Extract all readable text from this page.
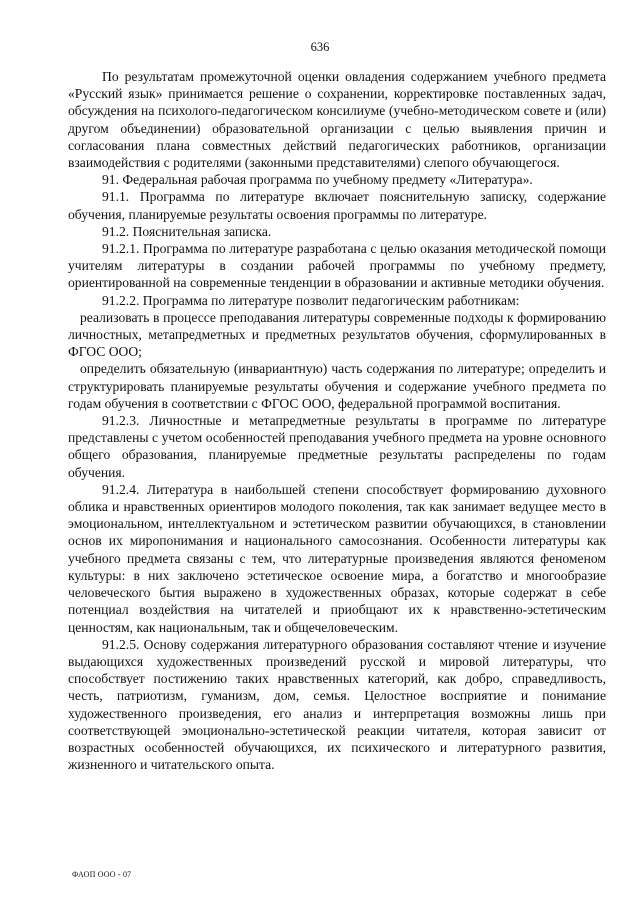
636

По результатам промежуточной оценки овладения содержанием учебного предмета «Русский язык» принимается решение о сохранении, корректировке поставленных задач, обсуждения на психолого-педагогическом консилиуме (учебно-методическом совете и (или) другом объединении) образовательной организации с целью выявления причин и согласования плана совместных действий педагогических работников, организации взаимодействия с родителями (законными представителями) слепого обучающегося.

91. Федеральная рабочая программа по учебному предмету «Литература».

91.1. Программа по литературе включает пояснительную записку, содержание обучения, планируемые результаты освоения программы по литературе.

91.2. Пояснительная записка.

91.2.1. Программа по литературе разработана с целью оказания методической помощи учителям литературы в создании рабочей программы по учебному предмету, ориентированной на современные тенденции в образовании и активные методики обучения.

91.2.2. Программа по литературе позволит педагогическим работникам:

реализовать в процессе преподавания литературы современные подходы к формированию личностных, метапредметных и предметных результатов обучения, сформулированных в ФГОС ООО;

определить обязательную (инвариантную) часть содержания по литературе; определить и структурировать планируемые результаты обучения и содержание учебного предмета по годам обучения в соответствии с ФГОС ООО, федеральной программой воспитания.

91.2.3. Личностные и метапредметные результаты в программе по литературе представлены с учетом особенностей преподавания учебного предмета на уровне основного общего образования, планируемые предметные результаты распределены по годам обучения.

91.2.4. Литература в наибольшей степени способствует формированию духовного облика и нравственных ориентиров молодого поколения, так как занимает ведущее место в эмоциональном, интеллектуальном и эстетическом развитии обучающихся, в становлении основ их миропонимания и национального самосознания. Особенности литературы как учебного предмета связаны с тем, что литературные произведения являются феноменом культуры: в них заключено эстетическое освоение мира, а богатство и многообразие человеческого бытия выражено в художественных образах, которые содержат в себе потенциал воздействия на читателей и приобщают их к нравственно-эстетическим ценностям, как национальным, так и общечеловеческим.

91.2.5. Основу содержания литературного образования составляют чтение и изучение выдающихся художественных произведений русской и мировой литературы, что способствует постижению таких нравственных категорий, как добро, справедливость, честь, патриотизм, гуманизм, дом, семья. Целостное восприятие и понимание художественного произведения, его анализ и интерпретация возможны лишь при соответствующей эмоционально-эстетической реакции читателя, которая зависит от возрастных особенностей обучающихся, их психического и литературного развития, жизненного и читательского опыта.

ФАОП ООО - 07
